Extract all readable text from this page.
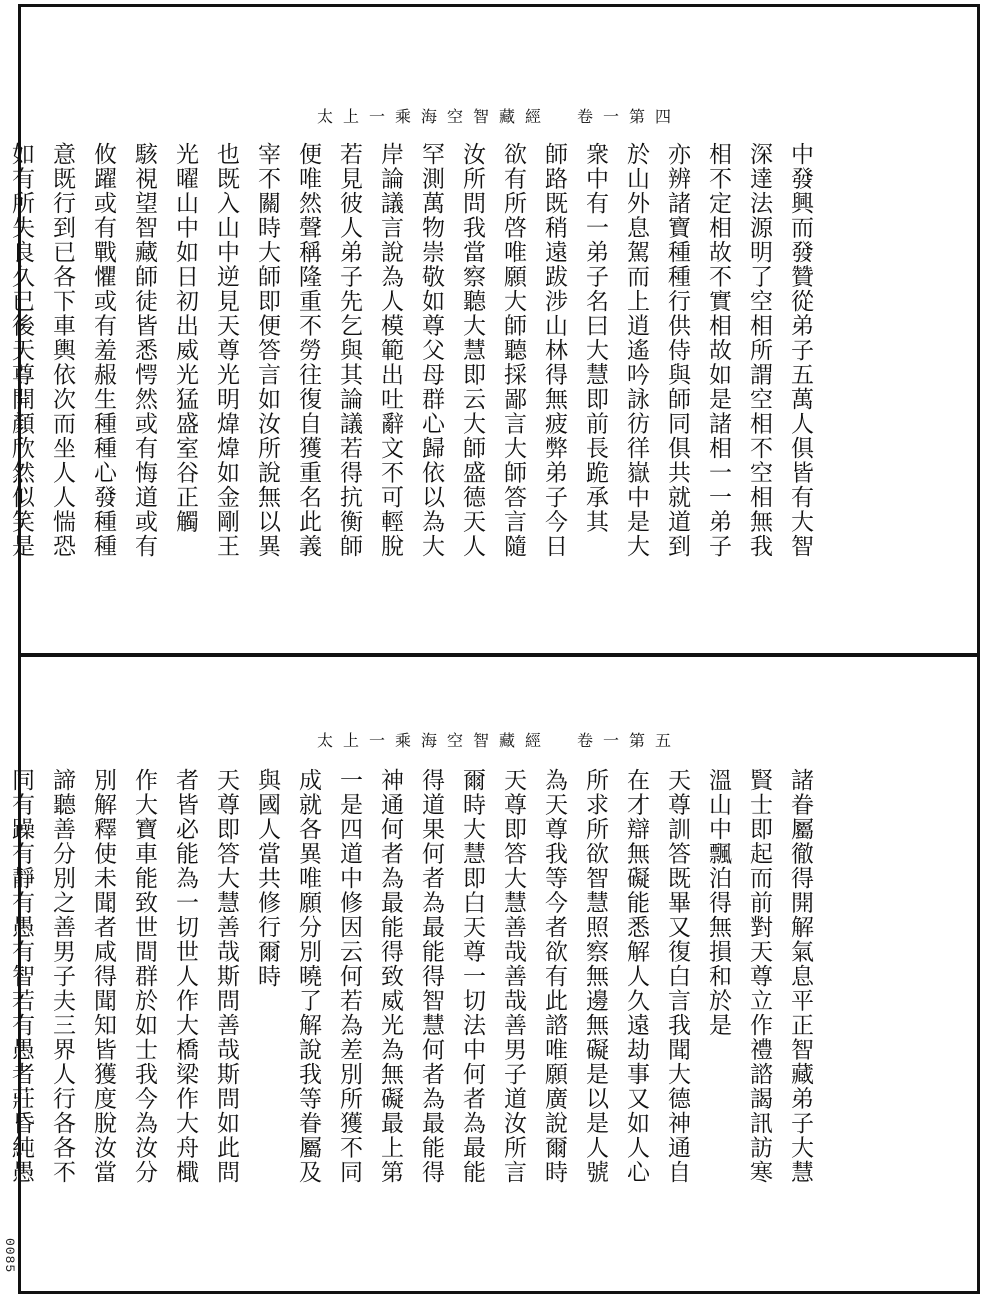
0085
太上一乘海空智藏經　卷一第四
中發興而發贊從弟子五萬人俱皆有大智
深達法源明了空相所謂空相不空相無我
相不定相故不實相故如是諸相一一弟子
亦辨諸寶種種行供侍與師同俱共就道到
於山外息駕而上逍遙吟詠彷徉嶽中是大
衆中有一弟子名曰大慧即前長跪承其
師路既稍遠跋涉山林得無疲弊弟子今日
欲有所啓唯願大師聽採鄙言大師答言隨
汝所問我當察聽大慧即云大師盛德天人
罕測萬物崇敬如尊父母群心歸依以為大
岸論議言說為人模範出吐辭文不可輕脫
若見彼人弟子先乞與其論議若得抗衡師
便唯然聲稱隆重不勞往復自獲重名此義
宰不關時大師即便答言如汝所說無以異
也既入山中逆見天尊光明煒煒如金剛王
光曜山中如日初出威光猛盛室谷正觸
駭視望智藏師徒皆悉愕然或有悔道或有
攸躍或有戰懼或有羞赧生種種心發種種
意既行到已各下車輿依次而坐人人惴恐
如有所失良久已後天尊開顏欣然似笑是
太上一乘海空智藏經　卷一第五
諸眷屬徹得開解氣息平正智藏弟子大慧
賢士即起而前對天尊立作禮諮謁訊訪寒
溫山中飄泊得無損和於是
天尊訓答既畢又復白言我聞大德神通自
在才辯無礙能悉解人久遠劫事又如人心
所求所欲智慧照察無邊無礙是以是人號
為天尊我等今者欲有此諮唯願廣說爾時
天尊即答大慧善哉善哉善男子道汝所言
爾時大慧即白天尊一切法中何者為最能
得道果何者為最能得智慧何者為最能得
神通何者為最能得致威光為無礙最上第
一是四道中修因云何若為差別所獲不同
成就各異唯願分別曉了解說我等眷屬及
與國人當共修行爾時
天尊即答大慧善哉斯問善哉斯問如此問
者皆必能為一切世人作大橋梁作大舟檝
作大寶車能致世間群於如士我今為汝分
別解釋使未聞者咸得聞知皆獲度脫汝當
諦聽善分別之善男子夫三界人行各各不
同有躁有靜有愚有智若有愚者莊昏純愚
